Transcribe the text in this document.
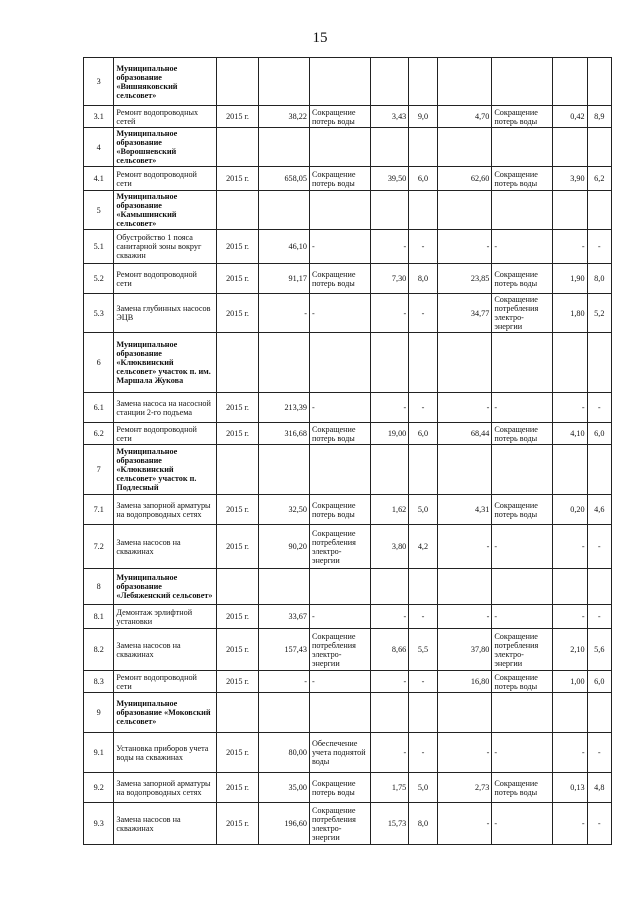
15
3	Муниципальное образование «Вишняковский сельсовет»									
3.1	Ремонт водопроводных сетей	2015 г.	38,22	Сокращение потерь воды	3,43	9,0	4,70	Сокращение потерь воды	0,42	8,9
4	Муниципальное образование «Ворошневский сельсовет»									
4.1	Ремонт водопроводной сети	2015 г.	658,05	Сокращение потерь воды	39,50	6,0	62,60	Сокращение потерь воды	3,90	6,2
5	Муниципальное образование «Камышинский сельсовет»									
5.1	Обустройство 1 пояса санитарной зоны вокруг скважин	2015 г.	46,10	-	-	-	-	-	-	-
5.2	Ремонт водопроводной сети	2015 г.	91,17	Сокращение потерь воды	7,30	8,0	23,85	Сокращение потерь воды	1,90	8,0
5.3	Замена глубинных насосов ЭЦВ	2015 г.	-	-	-	-	34,77	Сокращение потребления электро-энергии	1,80	5,2
6	Муниципальное образование «Клюквинский сельсовет» участок п. им. Маршала Жукова									
6.1	Замена насоса на насосной станции 2-го подъема	2015 г.	213,39	-	-	-	-	-	-	-
6.2	Ремонт водопроводной сети	2015 г.	316,68	Сокращение потерь воды	19,00	6,0	68,44	Сокращение потерь воды	4,10	6,0
7	Муниципальное образование «Клюквинский сельсовет» участок п. Подлесный									
7.1	Замена запорной арматуры на водопроводных сетях	2015 г.	32,50	Сокращение потерь воды	1,62	5,0	4,31	Сокращение потерь воды	0,20	4,6
7.2	Замена насосов на скважинах	2015 г.	90,20	Сокращение потребления электро-энергии	3,80	4,2	-	-	-	-
8	Муниципальное образование «Лебяженский сельсовет»									
8.1	Демонтаж эрлифтной установки	2015 г.	33,67	-	-	-	-	-	-	-
8.2	Замена насосов на скважинах	2015 г.	157,43	Сокращение потребления электро-энергии	8,66	5,5	37,80	Сокращение потребления электро-энергии	2,10	5,6
8.3	Ремонт водопроводной сети	2015 г.	-	-	-	-	16,80	Сокращение потерь воды	1,00	6,0
9	Муниципальное образование «Моковский сельсовет»									
9.1	Установка приборов учета воды на скважинах	2015 г.	80,00	Обеспечение учета поднятой воды	-	-	-	-	-	-
9.2	Замена запорной арматуры на водопроводных сетях	2015 г.	35,00	Сокращение потерь воды	1,75	5,0	2,73	Сокращение потерь воды	0,13	4,8
9.3	Замена насосов на скважинах	2015 г.	196,60	Сокращение потребления электро-энергии	15,73	8,0	-	-	-	-
